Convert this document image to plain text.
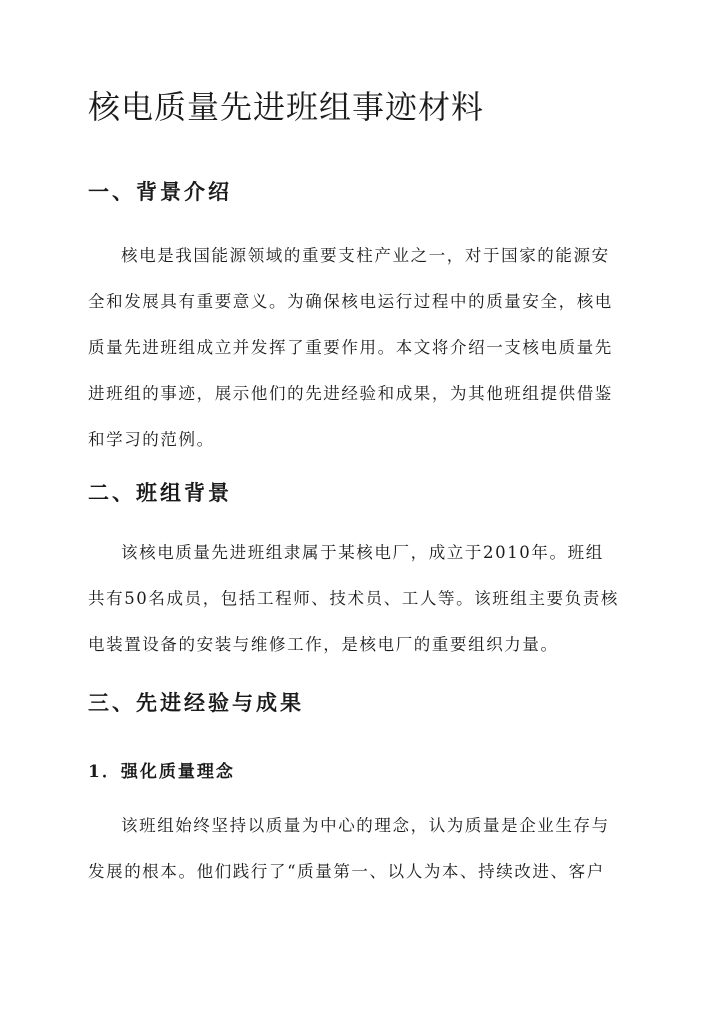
核电质量先进班组事迹材料
一、背景介绍
核电是我国能源领域的重要支柱产业之一，对于国家的能源安
全和发展具有重要意义。为确保核电运行过程中的质量安全，核电
质量先进班组成立并发挥了重要作用。本文将介绍一支核电质量先
进班组的事迹，展示他们的先进经验和成果，为其他班组提供借鉴
和学习的范例。
二、班组背景
该核电质量先进班组隶属于某核电厂，成立于2010年。班组
共有50名成员，包括工程师、技术员、工人等。该班组主要负责核
电装置设备的安装与维修工作，是核电厂的重要组织力量。
三、先进经验与成果
1．强化质量理念
该班组始终坚持以质量为中心的理念，认为质量是企业生存与
发展的根本。他们践行了“质量第一、以人为本、持续改进、客户
